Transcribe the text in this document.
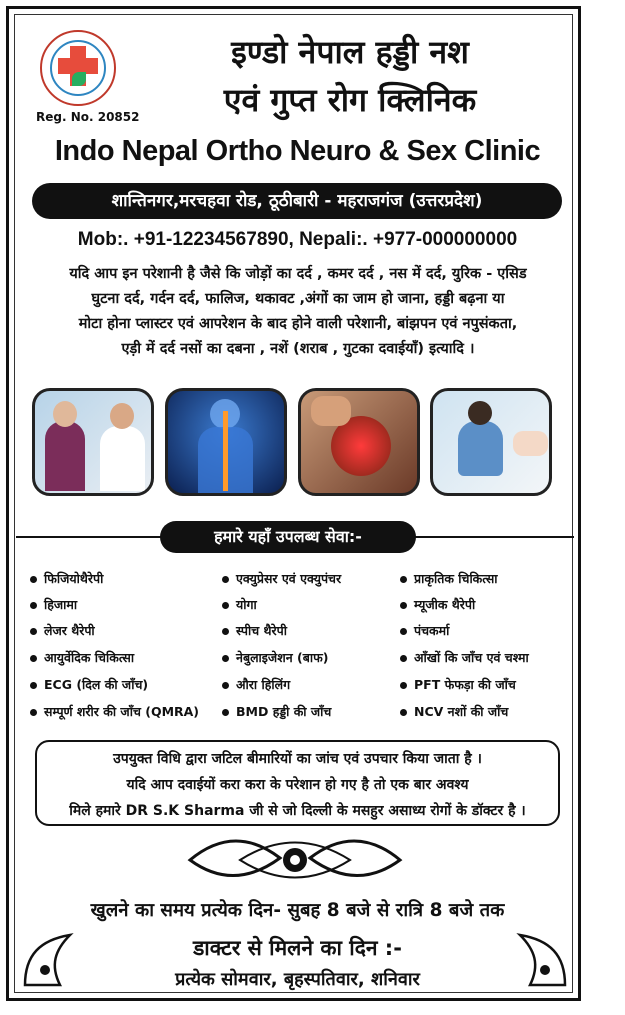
Reg. No. 20852
इण्डो नेपाल हड्डी नश
एवं गुप्त रोग क्लिनिक
Indo Nepal Ortho Neuro & Sex Clinic
शान्तिनगर,मरचहवा रोड, ठूठीबारी - महराजगंज (उत्तरप्रदेश)
Mob:. +91-12234567890, Nepali:. +977-000000000
यदि आप इन परेशानी है जैसे कि जोड़ों का दर्द , कमर दर्द , नस में दर्द, युरिक - एसिड
घुटना दर्द, गर्दन दर्द, फालिज, थकावट ,अंगों का जाम हो जाना, हड्डी बढ़ना या
मोटा होना प्लास्टर एवं आपरेशन के बाद होने वाली परेशानी, बांझपन एवं नपुसंकता,
एड़ी में दर्द नसों का दबना , नशें (शराब , गुटका दवाईयाँ) इत्यादि ।
हमारे यहाँ उपलब्ध सेवा:-
फिजियोथैरेपी
हिजामा
लेजर थैरेपी
आयुर्वेदिक चिकित्सा
ECG (दिल की जाँच)
सम्पूर्ण शरीर की जाँच (QMRA)
एक्युप्रेसर एवं एक्युपंचर
योगा
स्पीच थैरेपी
नेबुलाइजेशन (बाफ)
औरा हिलिंग
BMD हड्डी की जाँच
प्राकृतिक चिकित्सा
म्यूजीक थैरेपी
पंचकर्मा
आँखों कि जाँच एवं चश्मा
PFT फेफड़ा की जाँच
NCV नशों की जाँच
उपयुक्त विधि द्वारा जटिल बीमारियों का जांच एवं उपचार किया जाता है ।
यदि आप दवाईयों करा करा के परेशान हो गए है तो एक बार अवश्य
मिले हमारे DR S.K Sharma जी से जो दिल्ली के मसहुर असाध्य रोगों के डॉक्टर है ।
खुलने का समय प्रत्येक दिन- सुबह 8 बजे से रात्रि 8 बजे तक
डाक्टर से मिलने का दिन :-
प्रत्येक सोमवार, बृहस्पतिवार, शनिवार
